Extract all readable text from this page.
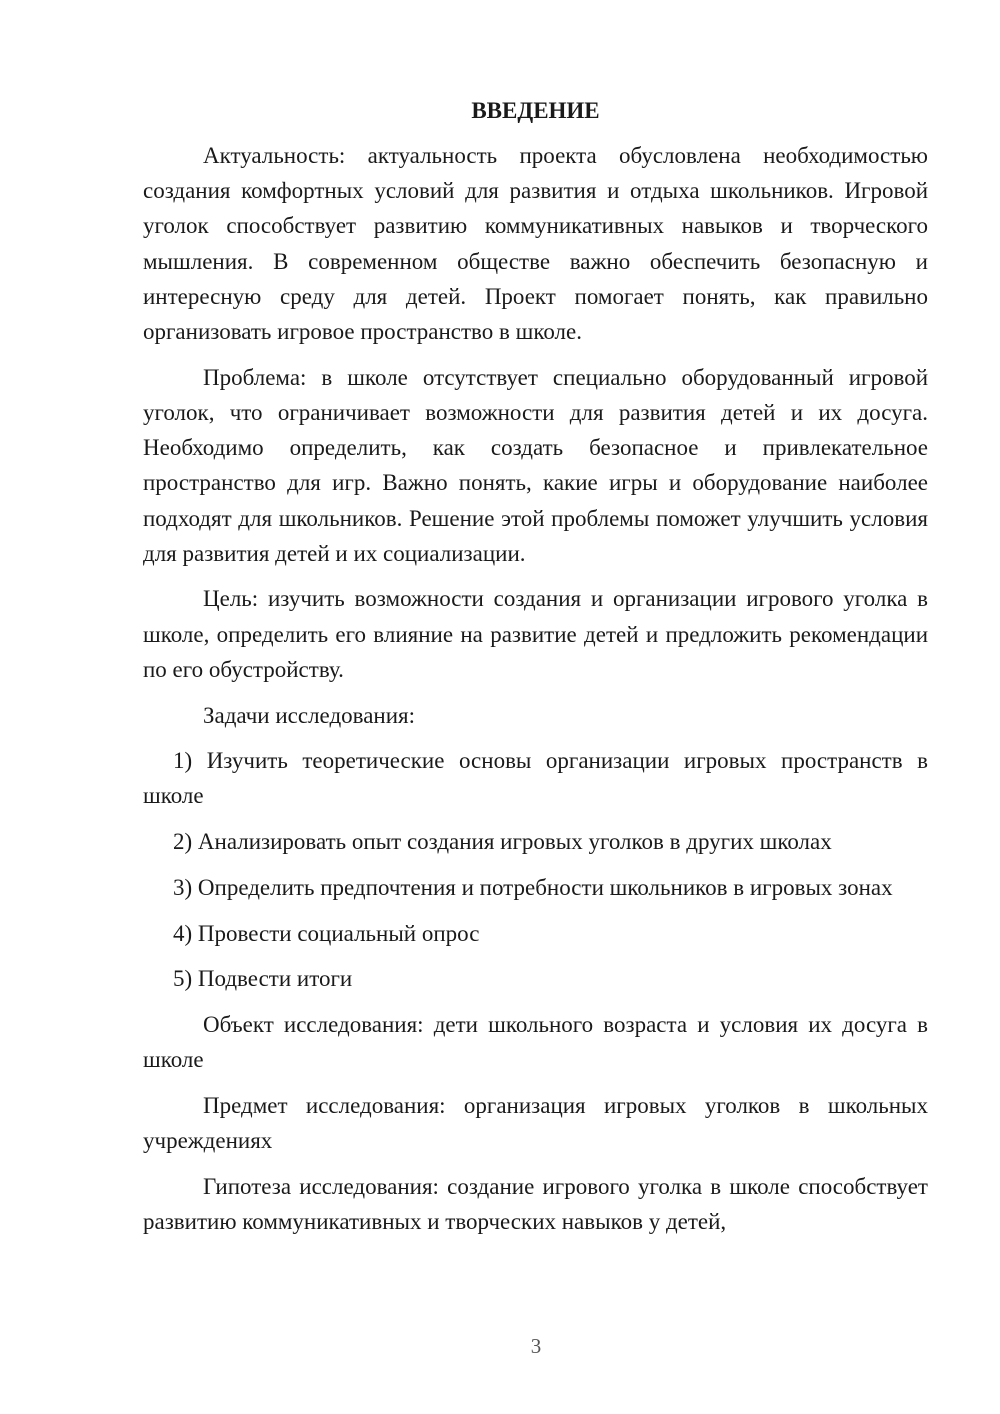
ВВЕДЕНИЕ

Актуальность: актуальность проекта обусловлена необходимостью создания комфортных условий для развития и отдыха школьников. Игровой уголок способствует развитию коммуникативных навыков и творческого мышления. В современном обществе важно обеспечить безопасную и интересную среду для детей. Проект помогает понять, как правильно организовать игровое пространство в школе.

Проблема: в школе отсутствует специально оборудованный игровой уголок, что ограничивает возможности для развития детей и их досуга. Необходимо определить, как создать безопасное и привлекательное пространство для игр. Важно понять, какие игры и оборудование наиболее подходят для школьников. Решение этой проблемы поможет улучшить условия для развития детей и их социализации.

Цель: изучить возможности создания и организации игрового уголка в школе, определить его влияние на развитие детей и предложить рекомендации по его обустройству.

Задачи исследования:

1) Изучить теоретические основы организации игровых пространств в школе

2) Анализировать опыт создания игровых уголков в других школах

3) Определить предпочтения и потребности школьников в игровых зонах

4) Провести социальный опрос

5) Подвести итоги

Объект исследования: дети школьного возраста и условия их досуга в школе

Предмет исследования: организация игровых уголков в школьных учреждениях

Гипотеза исследования: создание игрового уголка в школе способствует развитию коммуникативных и творческих навыков у детей,

3
